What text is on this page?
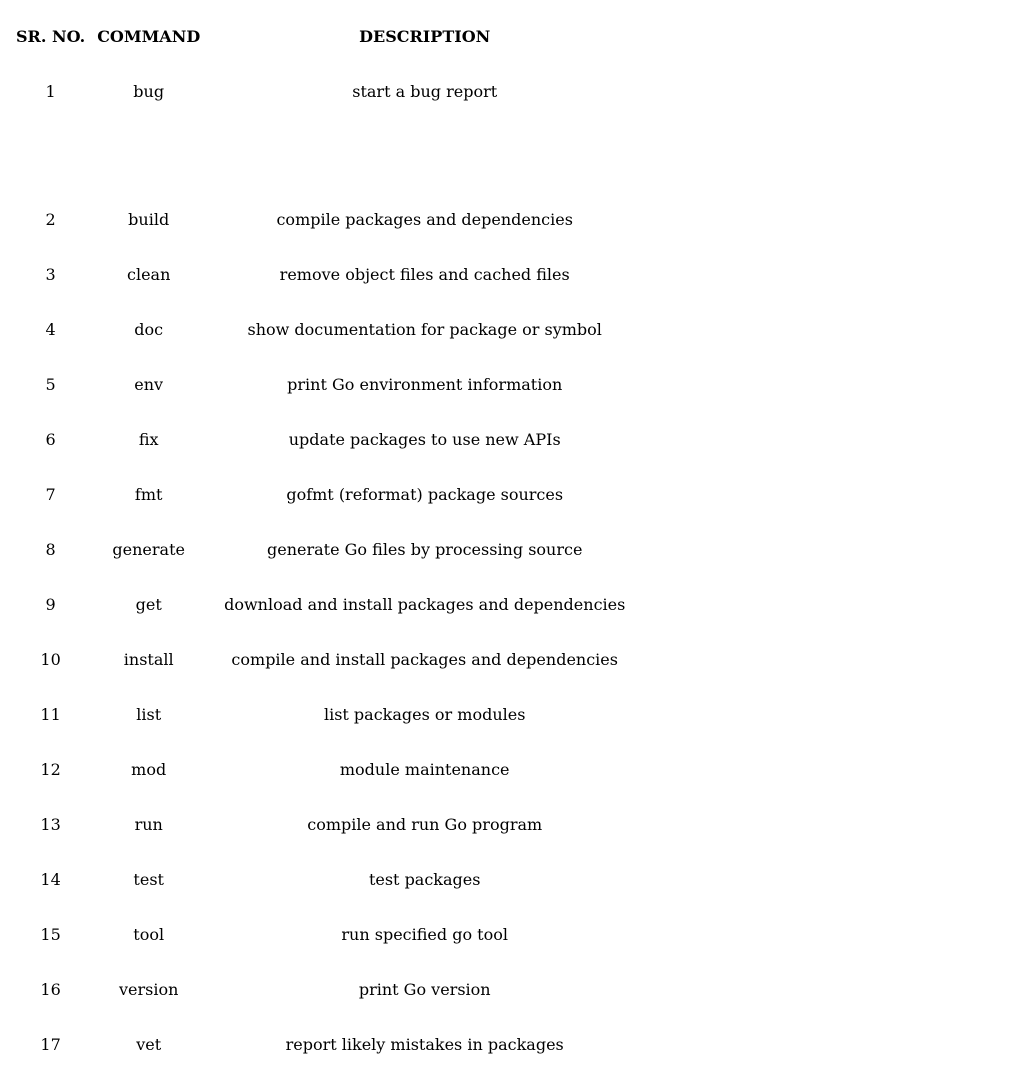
SR. NO.	COMMAND	DESCRIPTION
1	bug	start a bug report
2	build	compile packages and dependencies
3	clean	remove object files and cached files
4	doc	show documentation for package or symbol
5	env	print Go environment information
6	fix	update packages to use new APIs
7	fmt	gofmt (reformat) package sources
8	generate	generate Go files by processing source
9	get	download and install packages and dependencies
10	install	compile and install packages and dependencies
11	list	list packages or modules
12	mod	module maintenance
13	run	compile and run Go program
14	test	test packages
15	tool	run specified go tool
16	version	print Go version
17	vet	report likely mistakes in packages
